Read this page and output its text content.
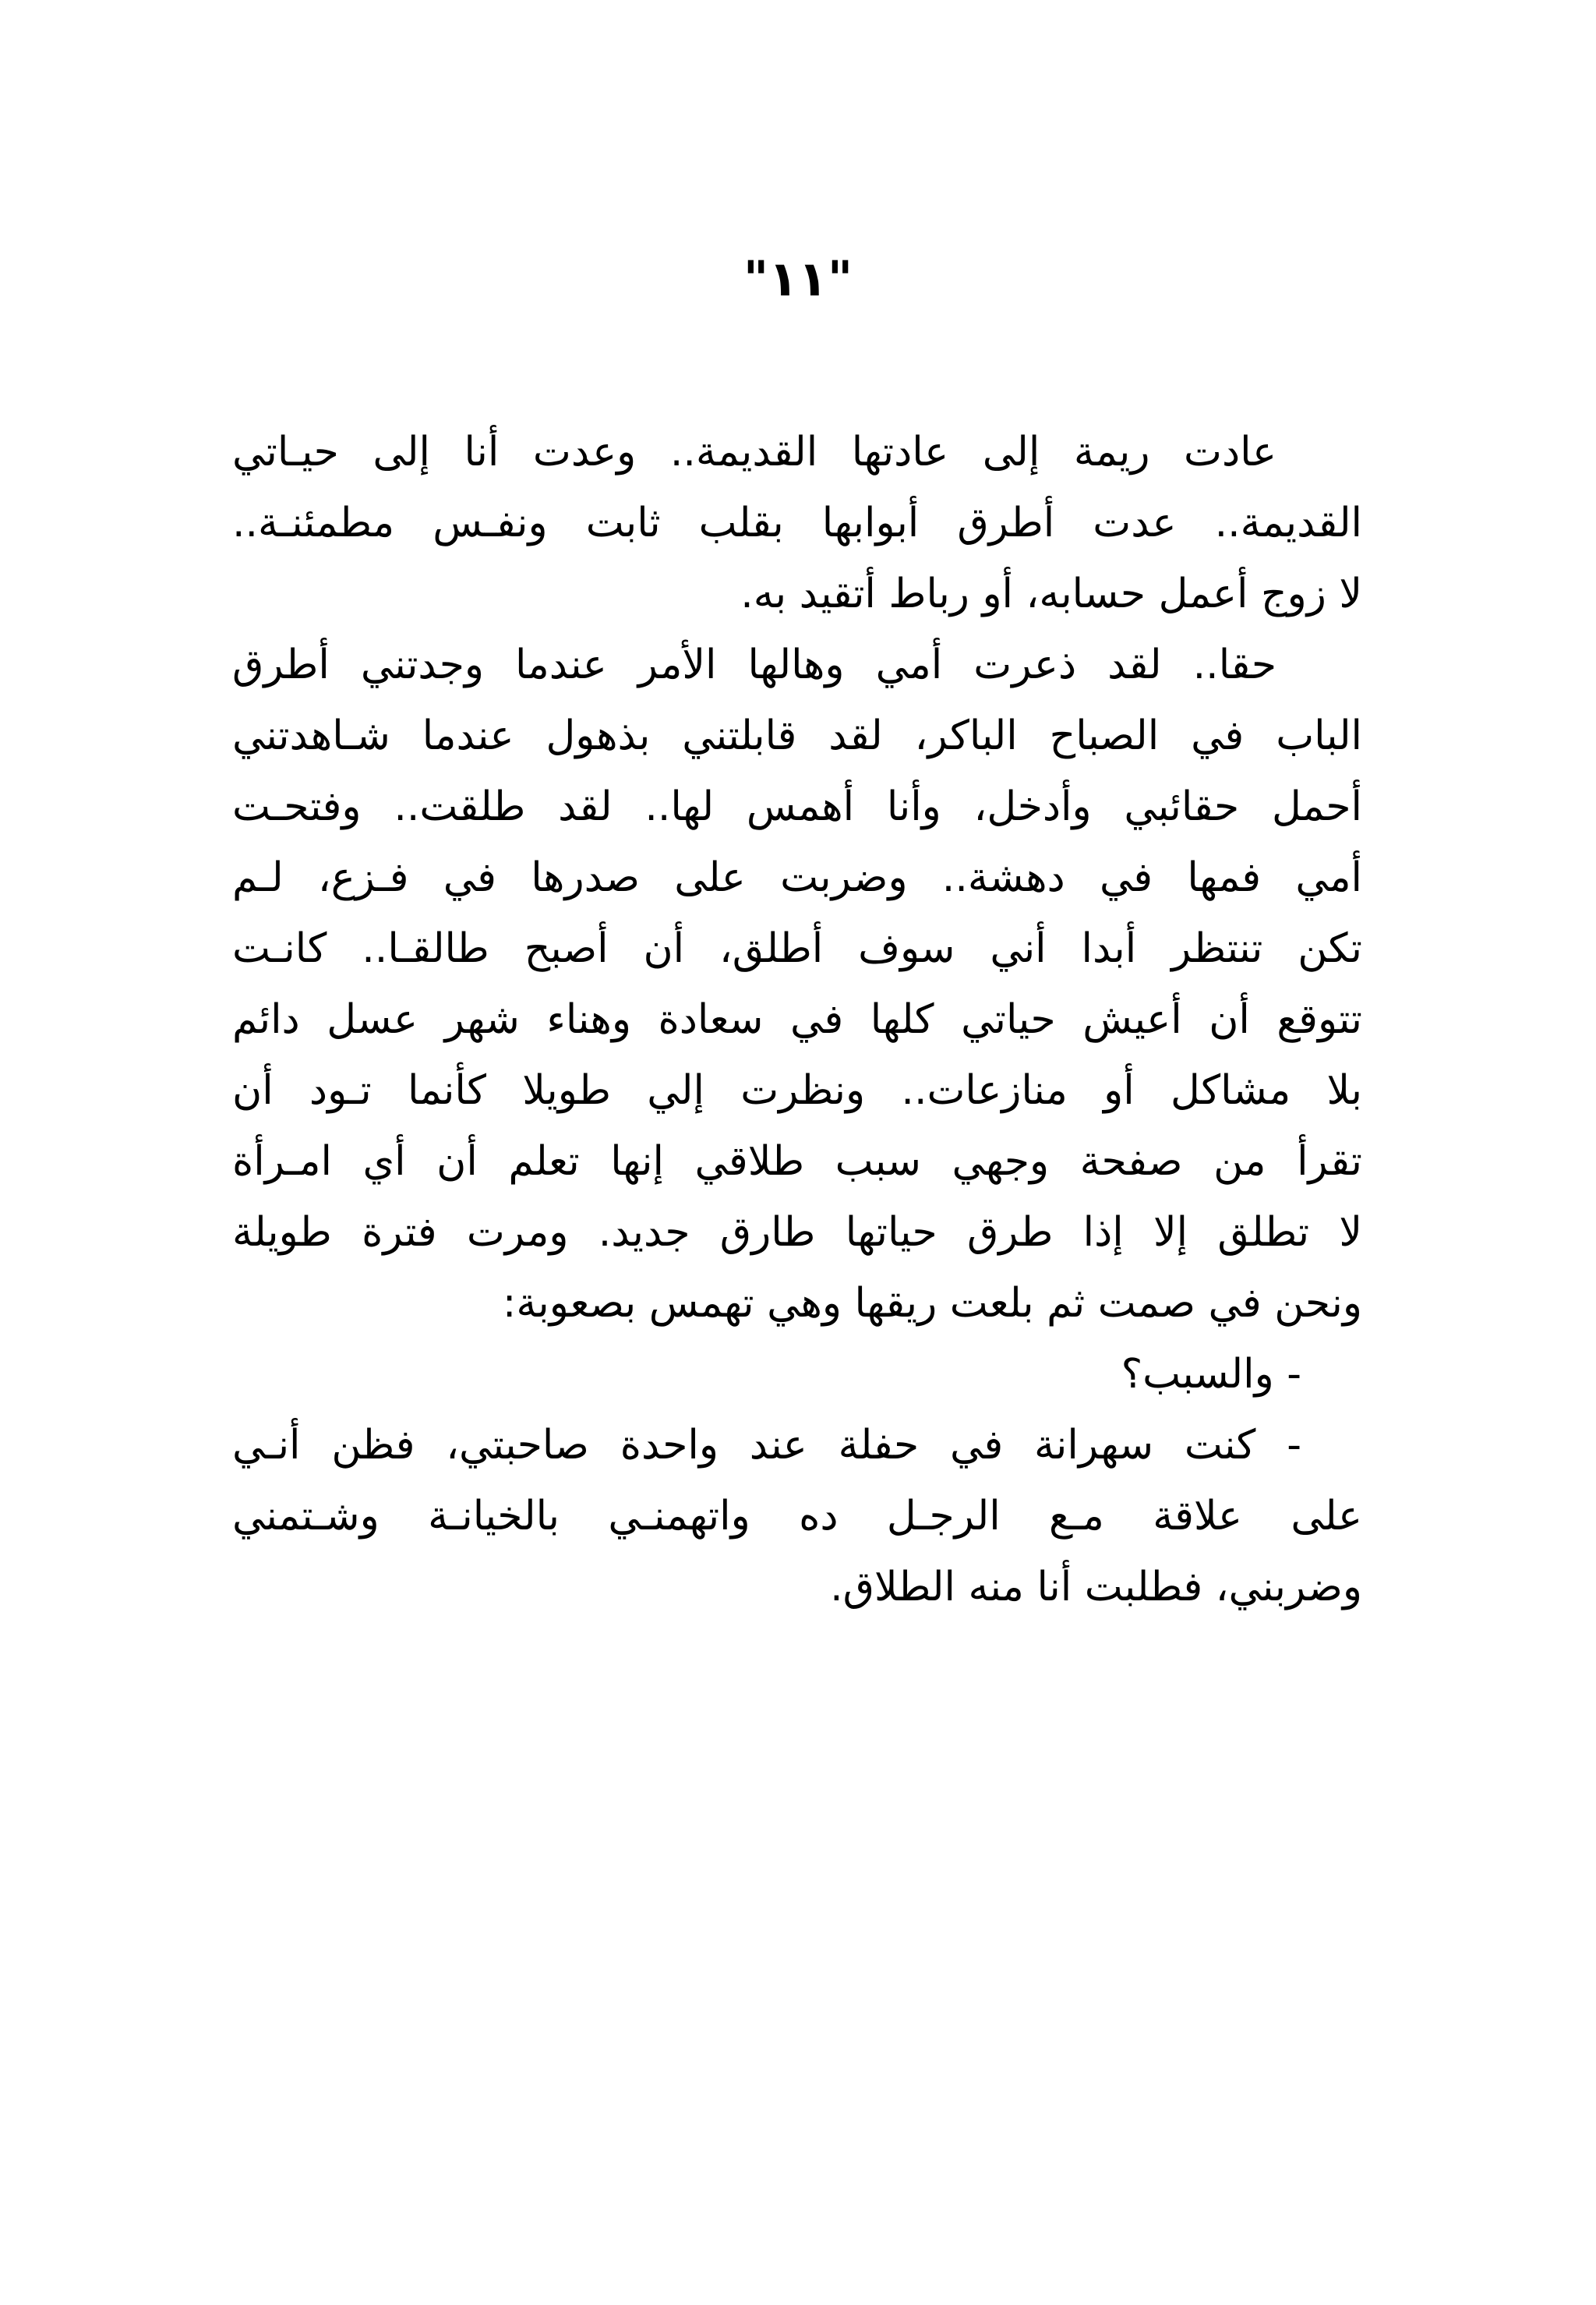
"١١"
عادت ريمة إلى عادتها القديمة.. وعدت أنا إلى حيـاتي
القديمة.. عدت أطرق أبوابها بقلب ثابت ونفـس مطمئنـة..
لا زوج أعمل حسابه، أو رباط أتقيد به.
حقا.. لقد ذعرت أمي وهالها الأمر عندما وجدتني أطرق
الباب في الصباح الباكر، لقد قابلتني بذهول عندما شـاهدتني
أحمل حقائبي وأدخل، وأنا أهمس لها.. لقد طلقت.. وفتحـت
أمي فمها في دهشة.. وضربت على صدرها في فـزع، لـم
تكن تنتظر أبدا أني سوف أطلق، أن أصبح طالقـا.. كانـت
تتوقع أن أعيش حياتي كلها في سعادة وهناء شهر عسل دائم
بلا مشاكل أو منازعات.. ونظرت إلي طويلا كأنما تـود أن
تقرأ من صفحة وجهي سبب طلاقي إنها تعلم أن أي امـرأة
لا تطلق إلا إذا طرق حياتها طارق جديد. ومرت فترة طويلة
ونحن في صمت ثم بلعت ريقها وهي تهمس بصعوبة:
- والسبب؟
- كنت سهرانة في حفلة عند واحدة صاحبتي، فظن أنـي
على علاقة مـع الرجـل ده واتهمنـي بالخيانـة وشـتمني
وضربني، فطلبت أنا منه الطلاق.
